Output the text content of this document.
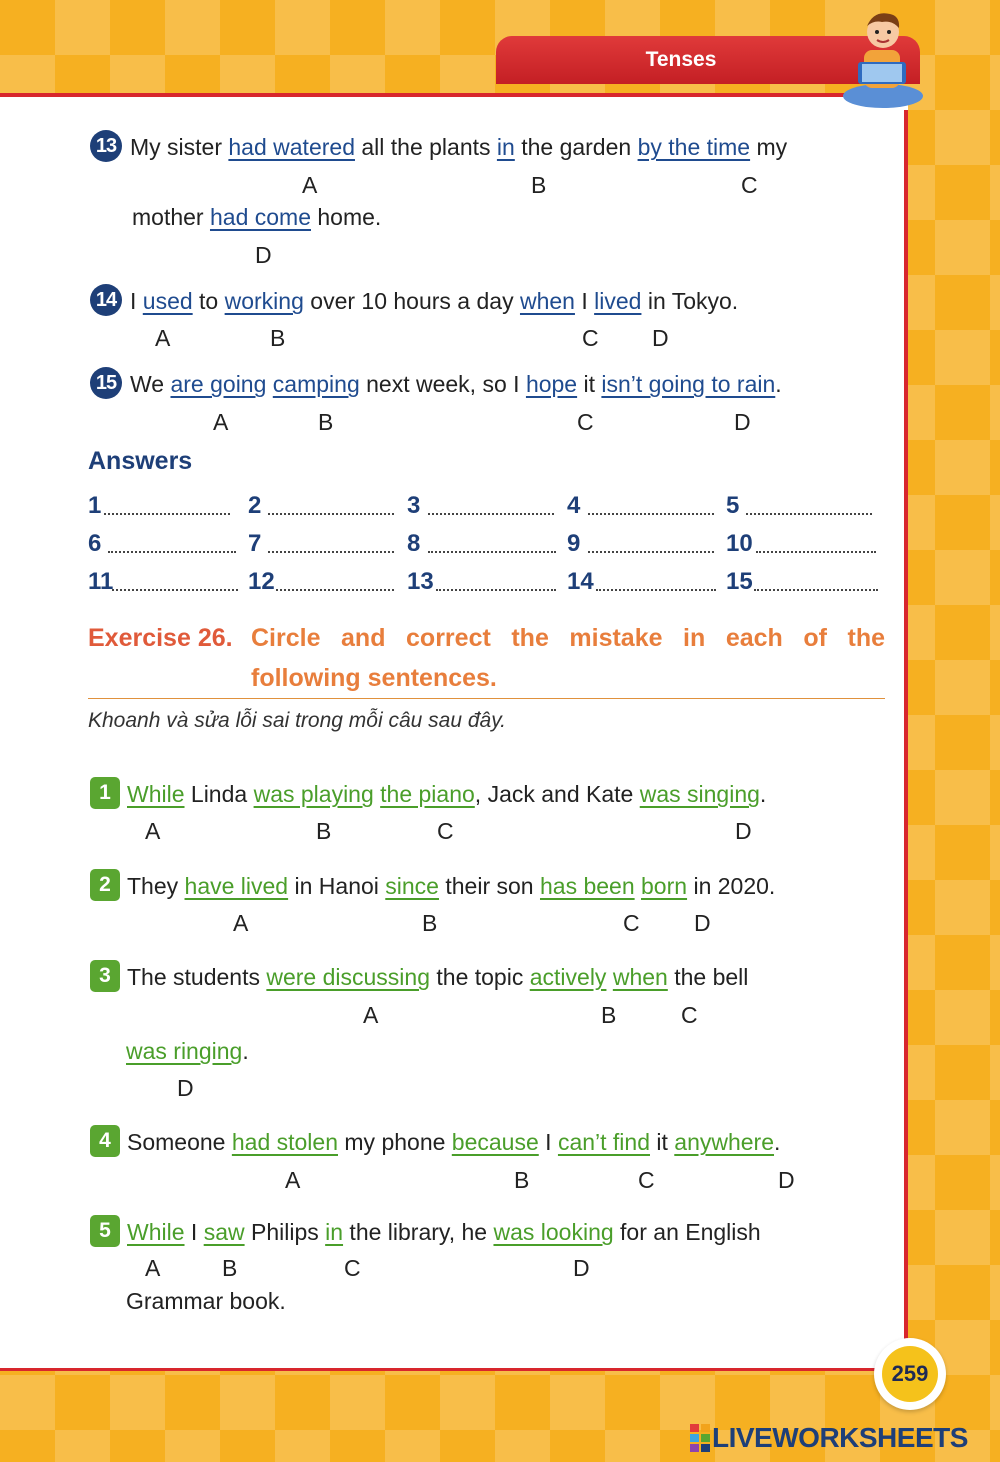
Tenses
13 My sister had watered all the plants in the garden by the time my
A	B	C
mother had come home.
D
14 I used to working over 10 hours a day when I lived in Tokyo.
A	B	C D
15 We are going camping next week, so I hope it isn’t going to rain.
A	B	C	D
Answers
1	2	3	4	5
6	7	8	9	10
11	12	13	14	15
Exercise 26. Circle and correct the mistake in each of the
following sentences.
Khoanh và sửa lỗi sai trong mỗi câu sau đây.
1 While Linda was playing the piano, Jack and Kate was singing.
A	B	C	D
2 They have lived in Hanoi since their son has been born in 2020.
A	B	C D
3 The students were discussing the topic actively when the bell
A	B	C
was ringing.
D
4 Someone had stolen my phone because I can’t find it anywhere.
A	B	C	D
5 While I saw Philips in the library, he was looking for an English
A	B	C	D
Grammar book.
259
LIVEWORKSHEETS
